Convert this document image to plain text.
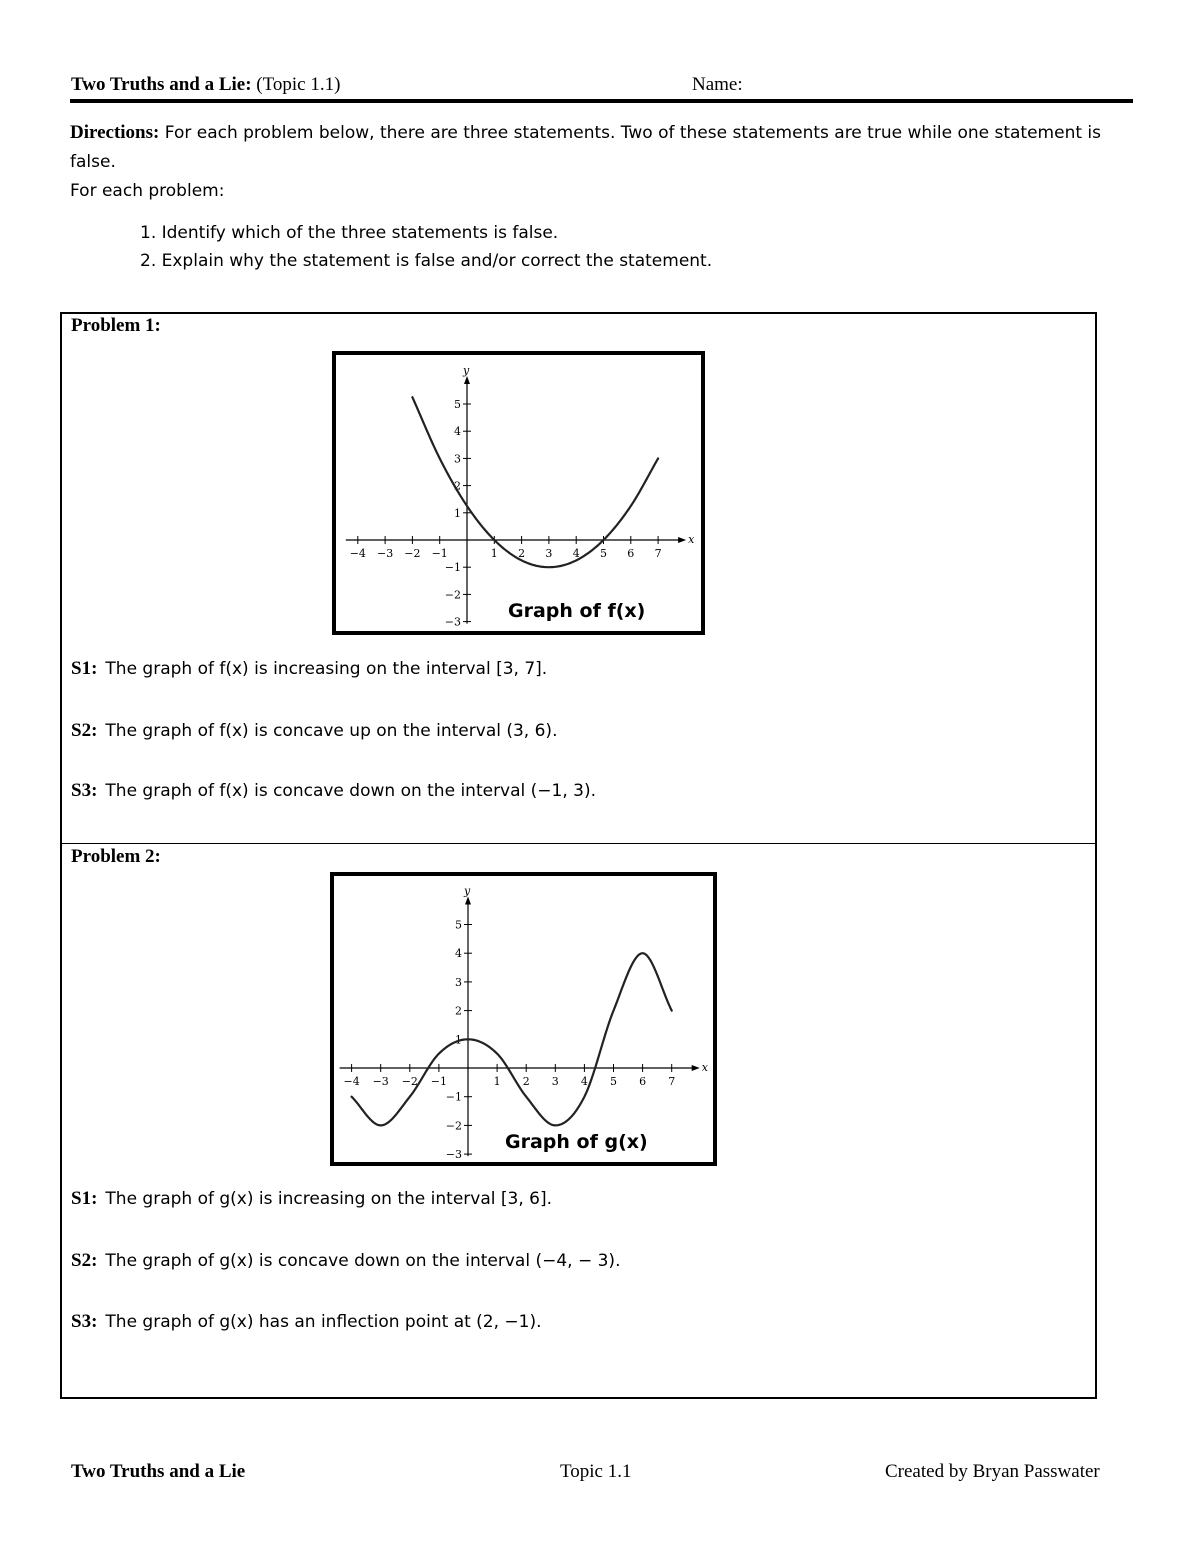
Two Truths and a Lie: (Topic 1.1)	Name:
Directions: For each problem below, there are three statements. Two of these statements are true while one statement is false.
For each problem:
1. Identify which of the three statements is false.
2. Explain why the statement is false and/or correct the statement.
Problem 1:
x
y
−4 −3 −2 −1	1 2 3 4 5 6 7
5
4
3
2
1
−1
−2
−3
Graph of f(x)
S1: The graph of f(x) is increasing on the interval [3, 7].
S2: The graph of f(x) is concave up on the interval (3, 6).
S3: The graph of f(x) is concave down on the interval (−1, 3).
Problem 2:
x
y
−4 −3 −2 −1	1 2 3 4 5 6 7
5
4
3
2
1
−1
−2
−3
Graph of g(x)
S1: The graph of g(x) is increasing on the interval [3, 6].
S2: The graph of g(x) is concave down on the interval (−4, − 3).
S3: The graph of g(x) has an inflection point at (2, −1).
Two Truths and a Lie	Topic 1.1	Created by Bryan Passwater
